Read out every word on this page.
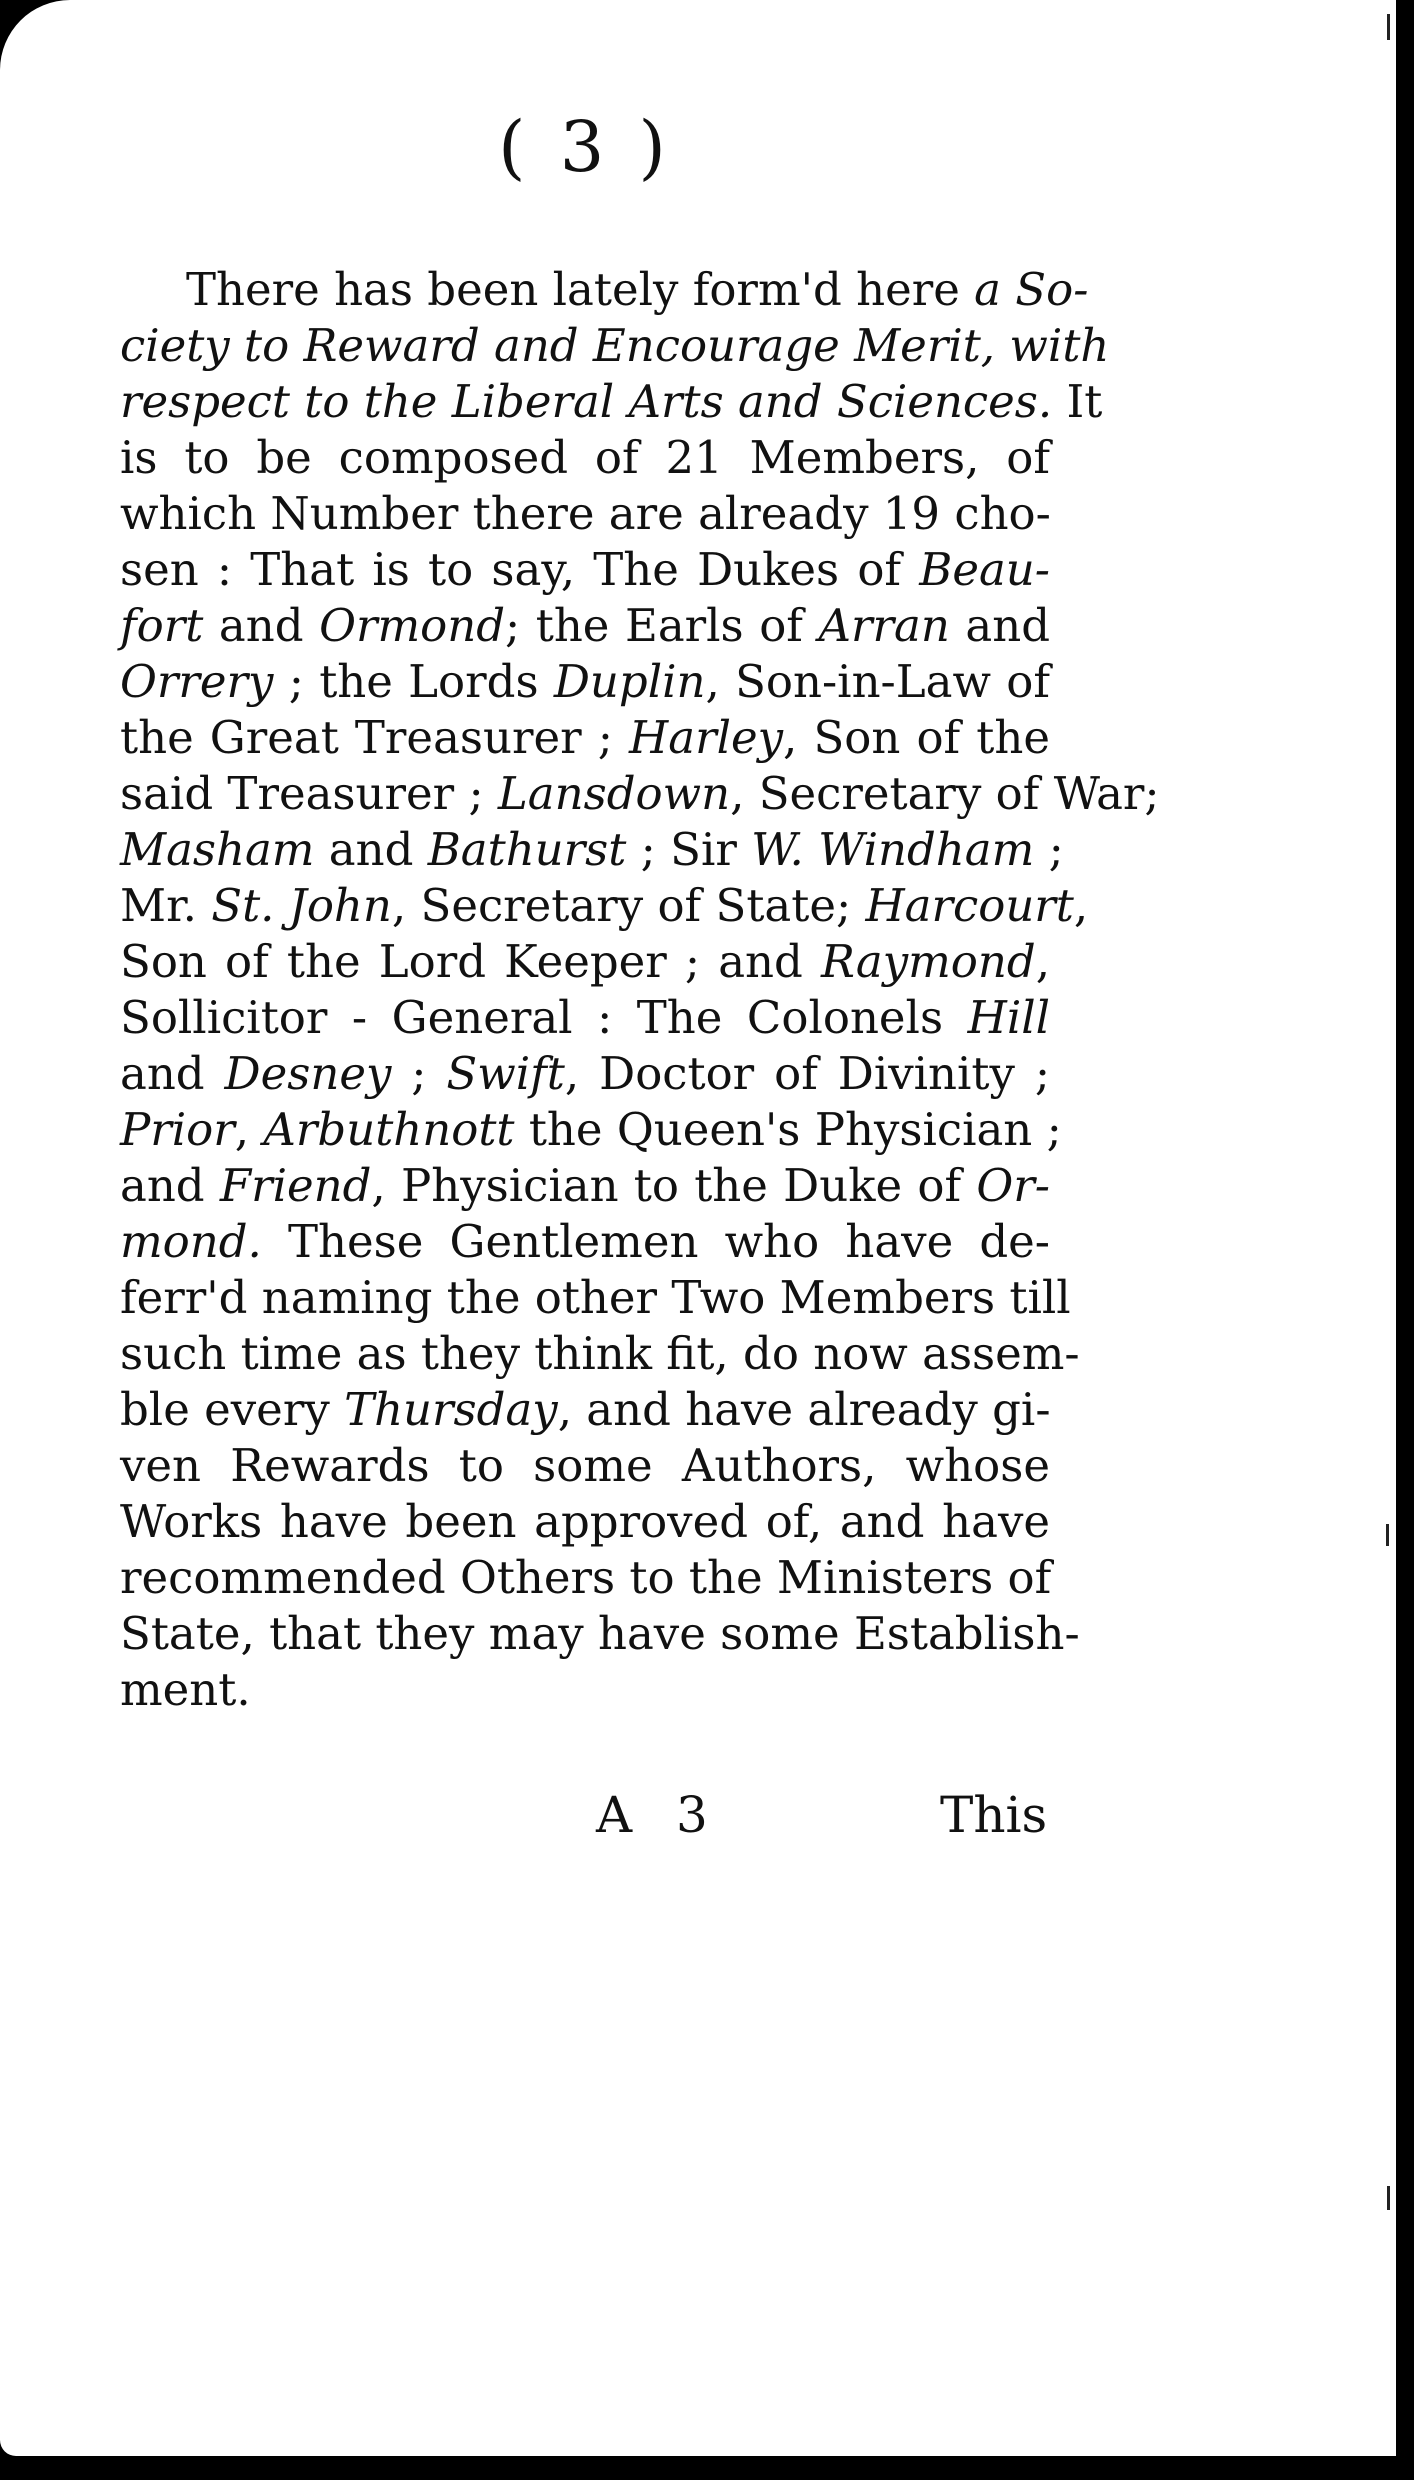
( 3 )
There has been lately form'd here a So-
ciety to Reward and Encourage Merit, with
respect to the Liberal Arts and Sciences. It
is to be composed of 21 Members, of
which Number there are already 19 cho-
sen : That is to say, The Dukes of Beau-
fort and Ormond; the Earls of Arran and
Orrery ; the Lords Duplin, Son-in-Law of
the Great Treasurer ; Harley, Son of the
said Treasurer ; Lansdown, Secretary of War;
Masham and Bathurst ; Sir W. Windham ;
Mr. St. John, Secretary of State; Harcourt,
Son of the Lord Keeper ; and Raymond,
Sollicitor - General : The Colonels Hill
and Desney ; Swift, Doctor of Divinity ;
Prior, Arbuthnott the Queen's Physician ;
and Friend, Physician to the Duke of Or-
mond. These Gentlemen who have de-
ferr'd naming the other Two Members till
such time as they think fit, do now assem-
ble every Thursday, and have already gi-
ven Rewards to some Authors, whose
Works have been approved of, and have
recommended Others to the Ministers of
State, that they may have some Establish-
ment.
A 3	This
